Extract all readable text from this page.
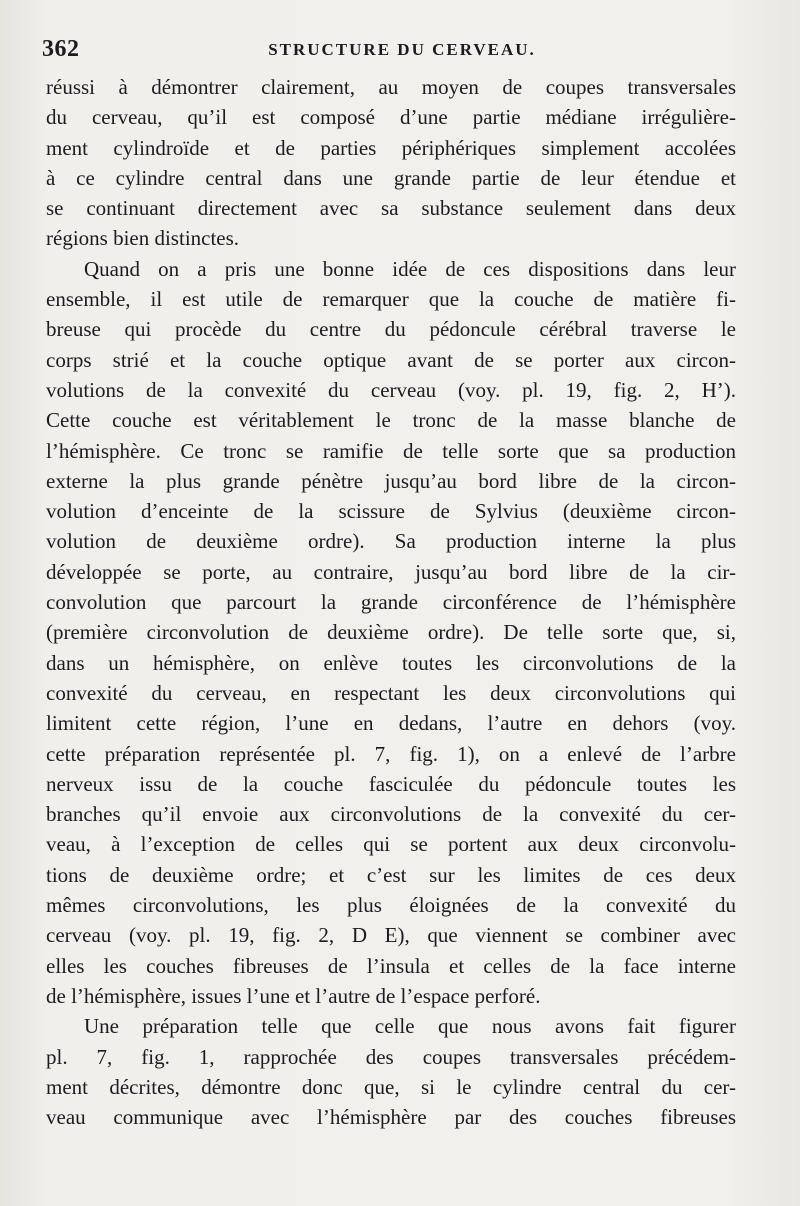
362	STRUCTURE DU CERVEAU.
réussi à démontrer clairement, au moyen de coupes transversales
du cerveau, qu’il est composé d’une partie médiane irrégulière-
ment cylindroïde et de parties périphériques simplement accolées
à ce cylindre central dans une grande partie de leur étendue et
se continuant directement avec sa substance seulement dans deux
régions bien distinctes.
Quand on a pris une bonne idée de ces dispositions dans leur
ensemble, il est utile de remarquer que la couche de matière fi-
breuse qui procède du centre du pédoncule cérébral traverse le
corps strié et la couche optique avant de se porter aux circon-
volutions de la convexité du cerveau (voy. pl. 19, fig. 2, H’).
Cette couche est véritablement le tronc de la masse blanche de
l’hémisphère. Ce tronc se ramifie de telle sorte que sa production
externe la plus grande pénètre jusqu’au bord libre de la circon-
volution d’enceinte de la scissure de Sylvius (deuxième circon-
volution de deuxième ordre). Sa production interne la plus
développée se porte, au contraire, jusqu’au bord libre de la cir-
convolution que parcourt la grande circonférence de l’hémisphère
(première circonvolution de deuxième ordre). De telle sorte que, si,
dans un hémisphère, on enlève toutes les circonvolutions de la
convexité du cerveau, en respectant les deux circonvolutions qui
limitent cette région, l’une en dedans, l’autre en dehors (voy.
cette préparation représentée pl. 7, fig. 1), on a enlevé de l’arbre
nerveux issu de la couche fasciculée du pédoncule toutes les
branches qu’il envoie aux circonvolutions de la convexité du cer-
veau, à l’exception de celles qui se portent aux deux circonvolu-
tions de deuxième ordre; et c’est sur les limites de ces deux
mêmes circonvolutions, les plus éloignées de la convexité du
cerveau (voy. pl. 19, fig. 2, D E), que viennent se combiner avec
elles les couches fibreuses de l’insula et celles de la face interne
de l’hémisphère, issues l’une et l’autre de l’espace perforé.
Une préparation telle que celle que nous avons fait figurer
pl. 7, fig. 1, rapprochée des coupes transversales précédem-
ment décrites, démontre donc que, si le cylindre central du cer-
veau communique avec l’hémisphère par des couches fibreuses
